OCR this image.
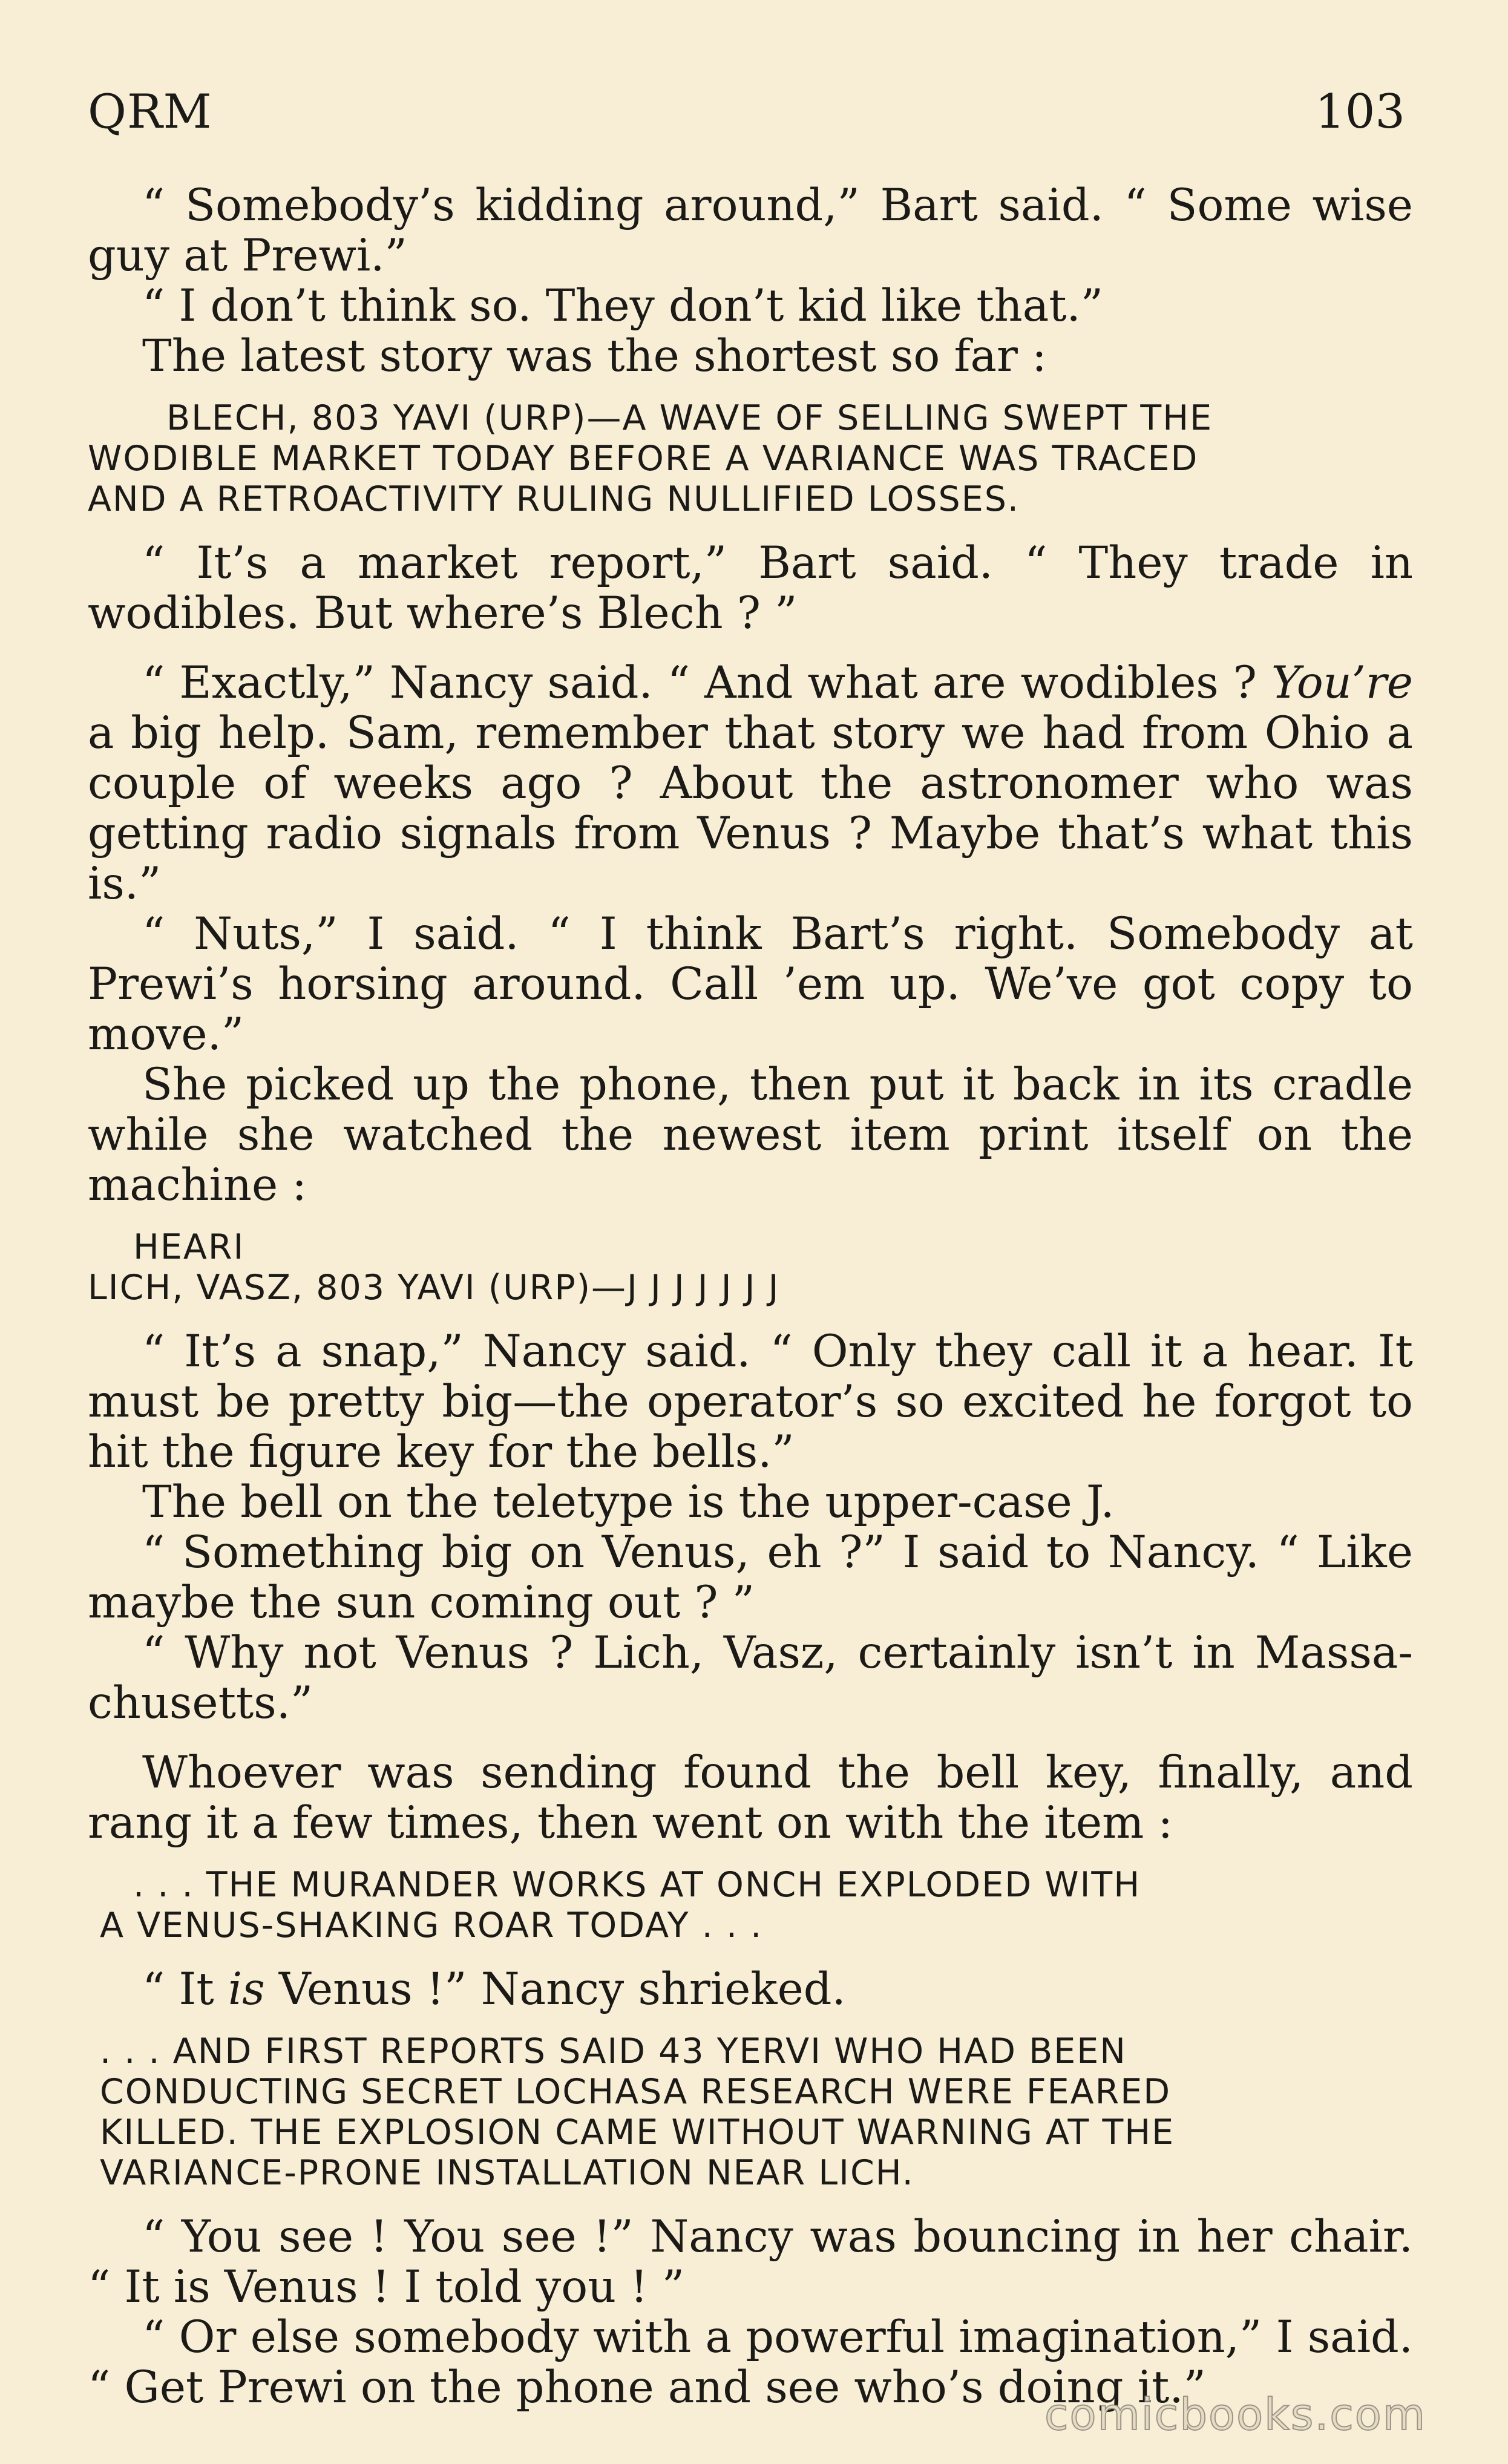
QRM	103

“ Somebody’s kidding around,” Bart said. “ Some wise guy at Prewi.”

“ I don’t think so. They don’t kid like that.”

The latest story was the shortest so far :

BLECH, 803 YAVI (URP)—A WAVE OF SELLING SWEPT THE
WODIBLE MARKET TODAY BEFORE A VARIANCE WAS TRACED
AND A RETROACTIVITY RULING NULLIFIED LOSSES.

“ It’s a market report,” Bart said. “ They trade in wodibles. But where’s Blech ? ”

“ Exactly,” Nancy said. “ And what are wodibles ? You’re a big help. Sam, remember that story we had from Ohio a couple of weeks ago ? About the astronomer who was getting radio signals from Venus ? Maybe that’s what this is.”

“ Nuts,” I said. “ I think Bart’s right. Somebody at Prewi’s horsing around. Call ’em up. We’ve got copy to move.”

She picked up the phone, then put it back in its cradle while she watched the newest item print itself on the machine :

HEARI
LICH, VASZ, 803 YAVI (URP)—J J J J J J J

“ It’s a snap,” Nancy said. “ Only they call it a hear. It must be pretty big—the operator’s so excited he forgot to hit the figure key for the bells.”

The bell on the teletype is the upper-case J.

“ Something big on Venus, eh ?” I said to Nancy. “ Like maybe the sun coming out ? ”

“ Why not Venus ? Lich, Vasz, certainly isn’t in Massa-chusetts.”

Whoever was sending found the bell key, finally, and rang it a few times, then went on with the item :

. . . THE MURANDER WORKS AT ONCH EXPLODED WITH
A VENUS-SHAKING ROAR TODAY . . .

“ It is Venus !” Nancy shrieked.

. . . AND FIRST REPORTS SAID 43 YERVI WHO HAD BEEN
CONDUCTING SECRET LOCHASA RESEARCH WERE FEARED
KILLED. THE EXPLOSION CAME WITHOUT WARNING AT THE
VARIANCE-PRONE INSTALLATION NEAR LICH.

“ You see ! You see !” Nancy was bouncing in her chair. “ It is Venus ! I told you ! ”

“ Or else somebody with a powerful imagination,” I said. “ Get Prewi on the phone and see who’s doing it.”

comicbooks.com
